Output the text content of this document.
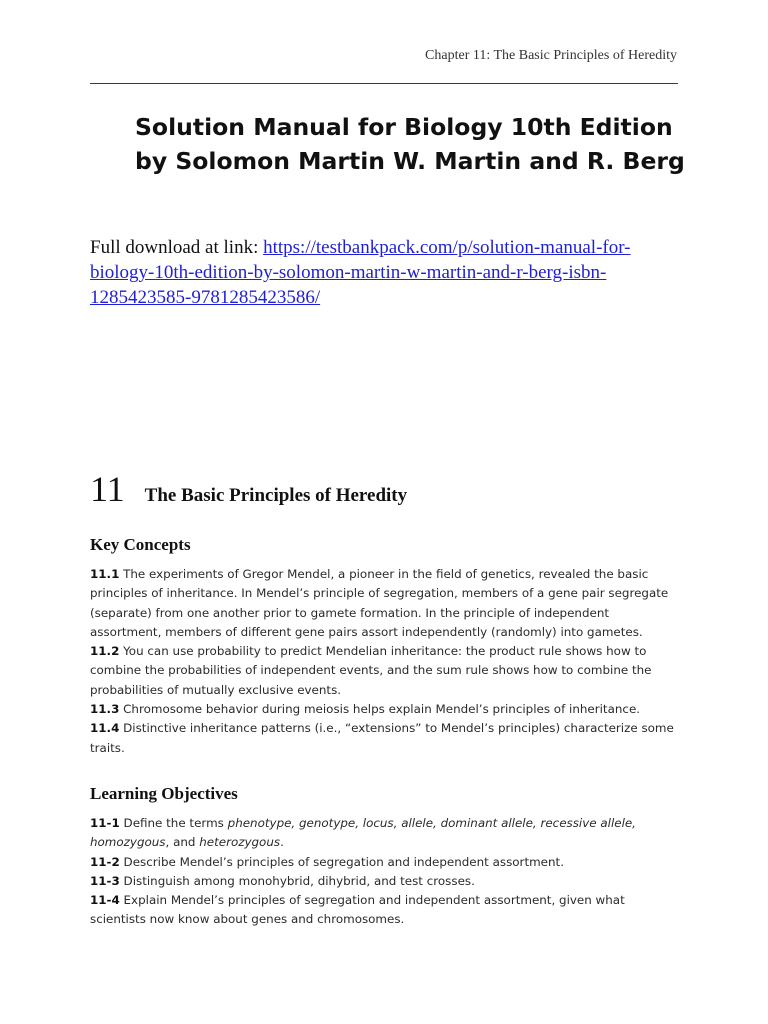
Chapter 11: The Basic Principles of Heredity
Solution Manual for Biology 10th Edition by Solomon Martin W. Martin and R. Berg
Full download at link: https://testbankpack.com/p/solution-manual-for-biology-10th-edition-by-solomon-martin-w-martin-and-r-berg-isbn-1285423585-9781285423586/
11 The Basic Principles of Heredity
Key Concepts

11.1 The experiments of Gregor Mendel, a pioneer in the field of genetics, revealed the basic principles of inheritance. In Mendel’s principle of segregation, members of a gene pair segregate (separate) from one another prior to gamete formation. In the principle of independent assortment, members of different gene pairs assort independently (randomly) into gametes.

11.2 You can use probability to predict Mendelian inheritance: the product rule shows how to combine the probabilities of independent events, and the sum rule shows how to combine the probabilities of mutually exclusive events.

11.3 Chromosome behavior during meiosis helps explain Mendel’s principles of inheritance.

11.4 Distinctive inheritance patterns (i.e., “extensions” to Mendel’s principles) characterize some traits.

Learning Objectives

11-1 Define the terms phenotype, genotype, locus, allele, dominant allele, recessive allele, homozygous, and heterozygous.

11-2 Describe Mendel’s principles of segregation and independent assortment.

11-3 Distinguish among monohybrid, dihybrid, and test crosses.

11-4 Explain Mendel’s principles of segregation and independent assortment, given what scientists now know about genes and chromosomes.
